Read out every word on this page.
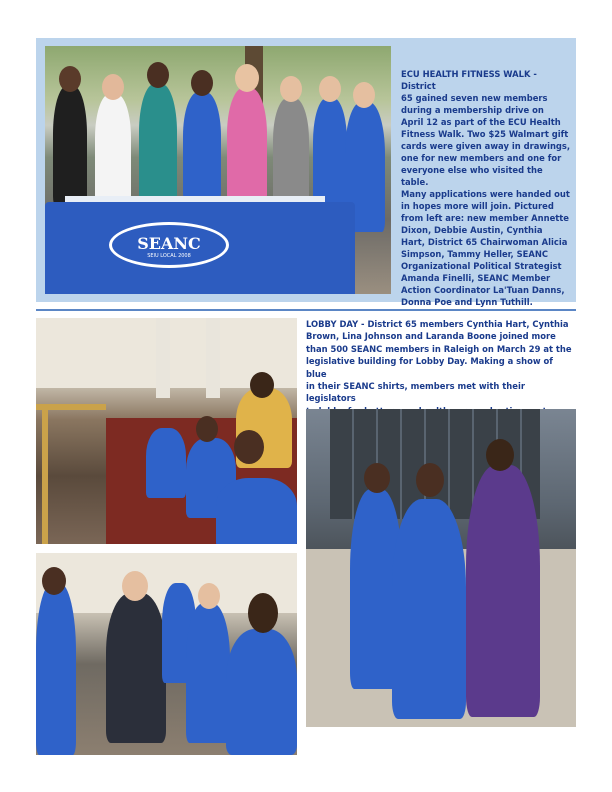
SEANC
SEIU LOCAL 2008
ECU HEALTH FITNESS WALK - District
65 gained seven new members
during a membership drive on
April 12 as part of the ECU Health
Fitness Walk. Two $25 Walmart gift
cards were given away in drawings,
one for new members and one for
everyone else who visited the table.
Many applications were handed out
in hopes more will join. Pictured
from left are: new member Annette
Dixon, Debbie Austin, Cynthia
Hart, District 65 Chairwoman Alicia
Simpson, Tammy Heller, SEANC
Organizational Political Strategist
Amanda Finelli, SEANC Member
Action Coordinator La'Tuan Danns,
Donna Poe and Lynn Tuthill.
LOBBY DAY - District 65 members Cynthia Hart, Cynthia
Brown, Lina Johnson and Laranda Boone joined more
than 500 SEANC members in Raleigh on March 29 at the
legislative building for Lobby Day. Making a show of blue
in their SEANC shirts, members met with their legislators
